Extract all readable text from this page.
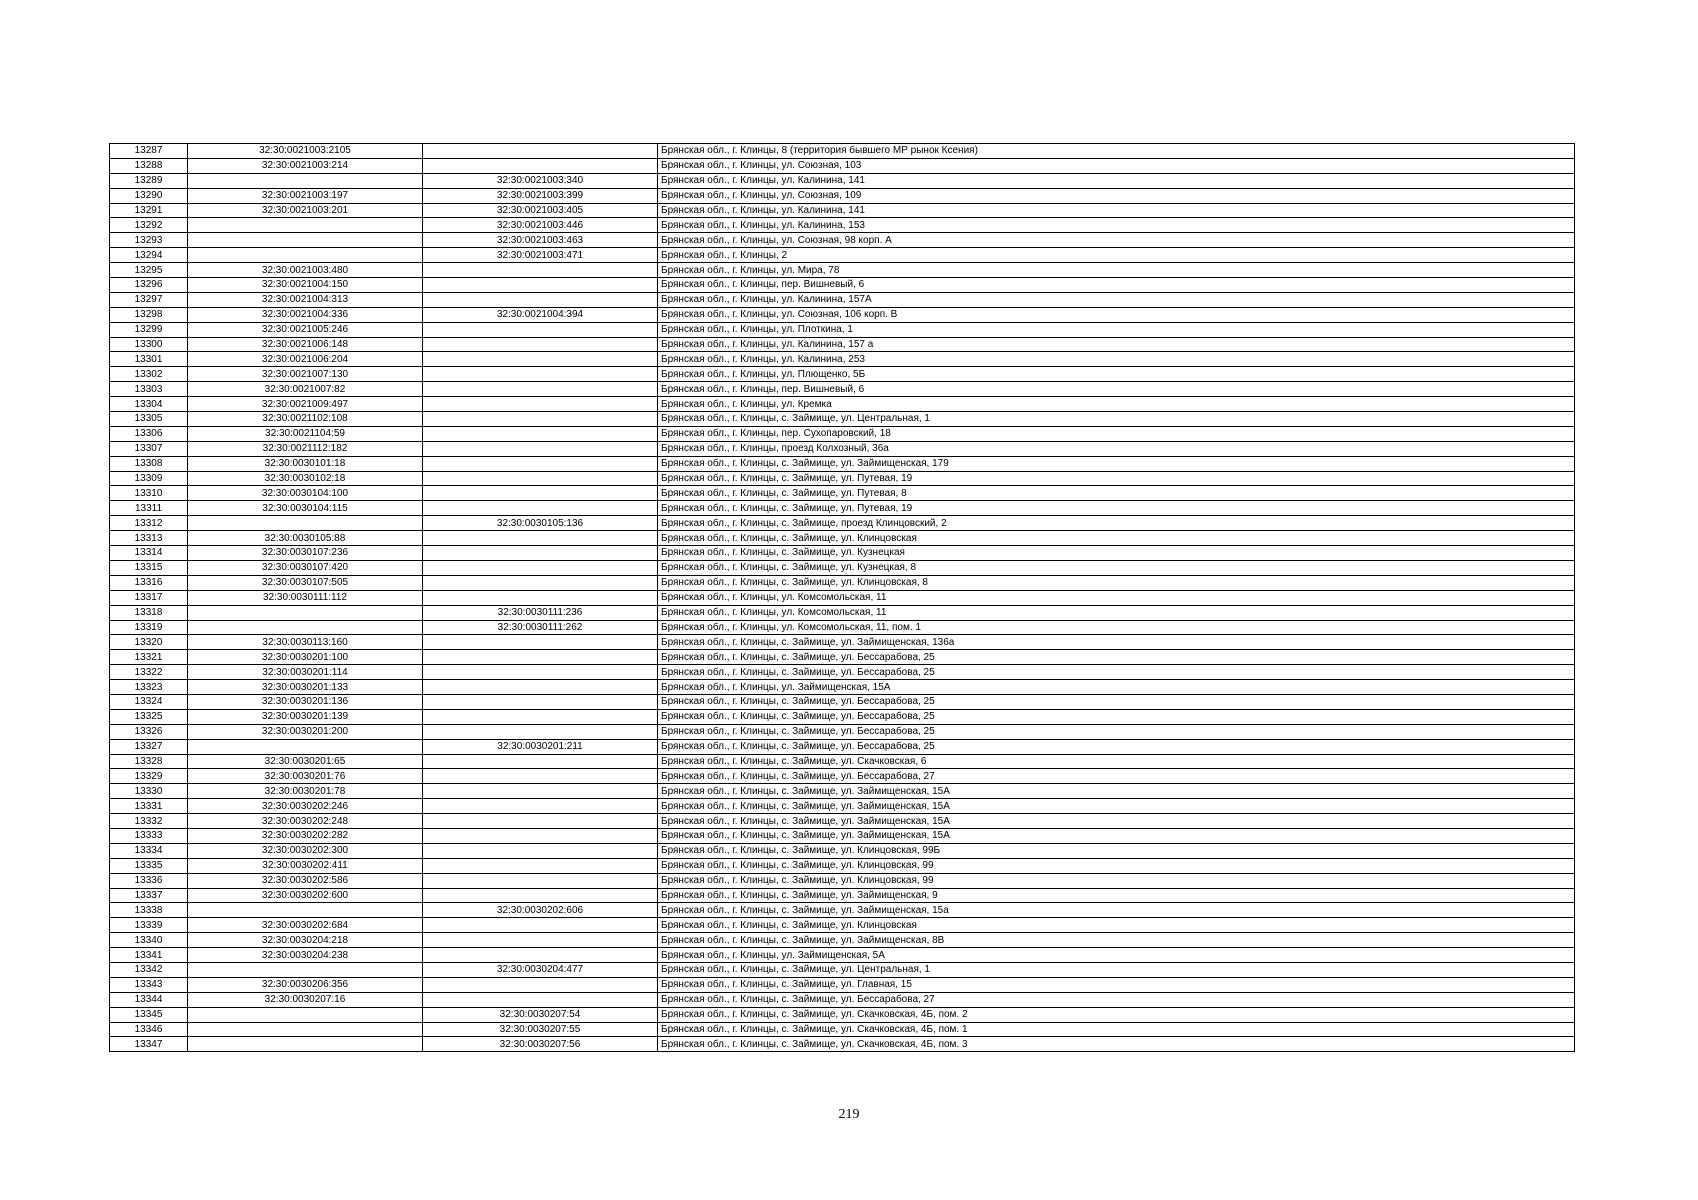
13287	32:30:0021003:2105		Брянская обл., г. Клинцы, 8 (территория бывшего МР рынок Ксения)
13288	32:30:0021003:214		Брянская обл., г. Клинцы, ул. Союзная, 103
13289		32:30:0021003:340	Брянская обл., г. Клинцы, ул. Калинина, 141
13290	32:30:0021003:197	32:30:0021003:399	Брянская обл., г. Клинцы, ул. Союзная, 109
13291	32:30:0021003:201	32:30:0021003:405	Брянская обл., г. Клинцы, ул. Калинина, 141
13292		32:30:0021003:446	Брянская обл., г. Клинцы, ул. Калинина, 153
13293		32:30:0021003:463	Брянская обл., г. Клинцы, ул. Союзная, 98 корп. А
13294		32:30:0021003:471	Брянская обл., г. Клинцы, 2
13295	32:30:0021003:480		Брянская обл., г. Клинцы, ул. Мира, 78
13296	32:30:0021004:150		Брянская обл., г. Клинцы, пер. Вишневый, 6
13297	32:30:0021004:313		Брянская обл., г. Клинцы, ул. Калинина, 157А
13298	32:30:0021004:336	32:30:0021004:394	Брянская обл., г. Клинцы, ул. Союзная, 106 корп. В
13299	32:30:0021005:246		Брянская обл., г. Клинцы, ул. Плоткина, 1
13300	32:30:0021006:148		Брянская обл., г. Клинцы, ул. Калинина, 157 а
13301	32:30:0021006:204		Брянская обл., г. Клинцы, ул. Калинина, 253
13302	32:30:0021007:130		Брянская обл., г. Клинцы, ул. Плющенко, 5Б
13303	32:30:0021007:82		Брянская обл., г. Клинцы, пер. Вишневый, 6
13304	32:30:0021009:497		Брянская обл., г. Клинцы, ул. Кремка
13305	32:30:0021102:108		Брянская обл., г. Клинцы, с. Займище, ул. Центральная, 1
13306	32:30:0021104:59		Брянская обл., г. Клинцы, пер. Сухопаровский, 18
13307	32:30:0021112:182		Брянская обл., г. Клинцы, проезд Колхозный, 36а
13308	32:30:0030101:18		Брянская обл., г. Клинцы, с. Займище, ул. Займищенская, 179
13309	32:30:0030102:18		Брянская обл., г. Клинцы, с. Займище, ул. Путевая, 19
13310	32:30:0030104:100		Брянская обл., г. Клинцы, с. Займище, ул. Путевая, 8
13311	32:30:0030104:115		Брянская обл., г. Клинцы, с. Займище, ул. Путевая, 19
13312		32:30:0030105:136	Брянская обл., г. Клинцы, с. Займище, проезд Клинцовский, 2
13313	32:30:0030105:88		Брянская обл., г. Клинцы, с. Займище, ул. Клинцовская
13314	32:30:0030107:236		Брянская обл., г. Клинцы, с. Займище, ул. Кузнецкая
13315	32:30:0030107:420		Брянская обл., г. Клинцы, с. Займище, ул. Кузнецкая, 8
13316	32:30:0030107:505		Брянская обл., г. Клинцы, с. Займище, ул. Клинцовская, 8
13317	32:30:0030111:112		Брянская обл., г. Клинцы, ул. Комсомольская, 11
13318		32:30:0030111:236	Брянская обл., г. Клинцы, ул. Комсомольская, 11
13319		32:30:0030111:262	Брянская обл., г. Клинцы, ул. Комсомольская, 11, пом. 1
13320	32:30:0030113:160		Брянская обл., г. Клинцы, с. Займище, ул. Займищенская, 136а
13321	32:30:0030201:100		Брянская обл., г. Клинцы, с. Займище, ул. Бессарабова, 25
13322	32:30:0030201:114		Брянская обл., г. Клинцы, с. Займище, ул. Бессарабова, 25
13323	32:30:0030201:133		Брянская обл., г. Клинцы, ул. Займищенская, 15А
13324	32:30:0030201:136		Брянская обл., г. Клинцы, с. Займище, ул. Бессарабова, 25
13325	32:30:0030201:139		Брянская обл., г. Клинцы, с. Займище, ул. Бессарабова, 25
13326	32:30:0030201:200		Брянская обл., г. Клинцы, с. Займище, ул. Бессарабова, 25
13327		32:30:0030201:211	Брянская обл., г. Клинцы, с. Займище, ул. Бессарабова, 25
13328	32:30:0030201:65		Брянская обл., г. Клинцы, с. Займище, ул. Скачковская, 6
13329	32:30:0030201:76		Брянская обл., г. Клинцы, с. Займище, ул. Бессарабова, 27
13330	32:30:0030201:78		Брянская обл., г. Клинцы, с. Займище, ул. Займищенская, 15А
13331	32:30:0030202:246		Брянская обл., г. Клинцы, с. Займище, ул. Займищенская, 15А
13332	32:30:0030202:248		Брянская обл., г. Клинцы, с. Займище, ул. Займищенская, 15А
13333	32:30:0030202:282		Брянская обл., г. Клинцы, с. Займище, ул. Займищенская, 15А
13334	32:30:0030202:300		Брянская обл., г. Клинцы, с. Займище, ул. Клинцовская, 99Б
13335	32:30:0030202:411		Брянская обл., г. Клинцы, с. Займище, ул. Клинцовская, 99
13336	32:30:0030202:586		Брянская обл., г. Клинцы, с. Займище, ул. Клинцовская, 99
13337	32:30:0030202:600		Брянская обл., г. Клинцы, с. Займище, ул. Займищенская, 9
13338		32:30:0030202:606	Брянская обл., г. Клинцы, с. Займище, ул. Займищенская, 15а
13339	32:30:0030202:684		Брянская обл., г. Клинцы, с. Займище, ул. Клинцовская
13340	32:30:0030204:218		Брянская обл., г. Клинцы, с. Займище, ул. Займищенская, 8В
13341	32:30:0030204:238		Брянская обл., г. Клинцы, ул. Займищенская, 5А
13342		32:30:0030204:477	Брянская обл., г. Клинцы, с. Займище, ул. Центральная, 1
13343	32:30:0030206:356		Брянская обл., г. Клинцы, с. Займище, ул. Главная, 15
13344	32:30:0030207:16		Брянская обл., г. Клинцы, с. Займище, ул. Бессарабова, 27
13345		32:30:0030207:54	Брянская обл., г. Клинцы, с. Займище, ул. Скачковская, 4Б, пом. 2
13346		32:30:0030207:55	Брянская обл., г. Клинцы, с. Займище, ул. Скачковская, 4Б, пом. 1
13347		32:30:0030207:56	Брянская обл., г. Клинцы, с. Займище, ул. Скачковская, 4Б, пом. 3
219
